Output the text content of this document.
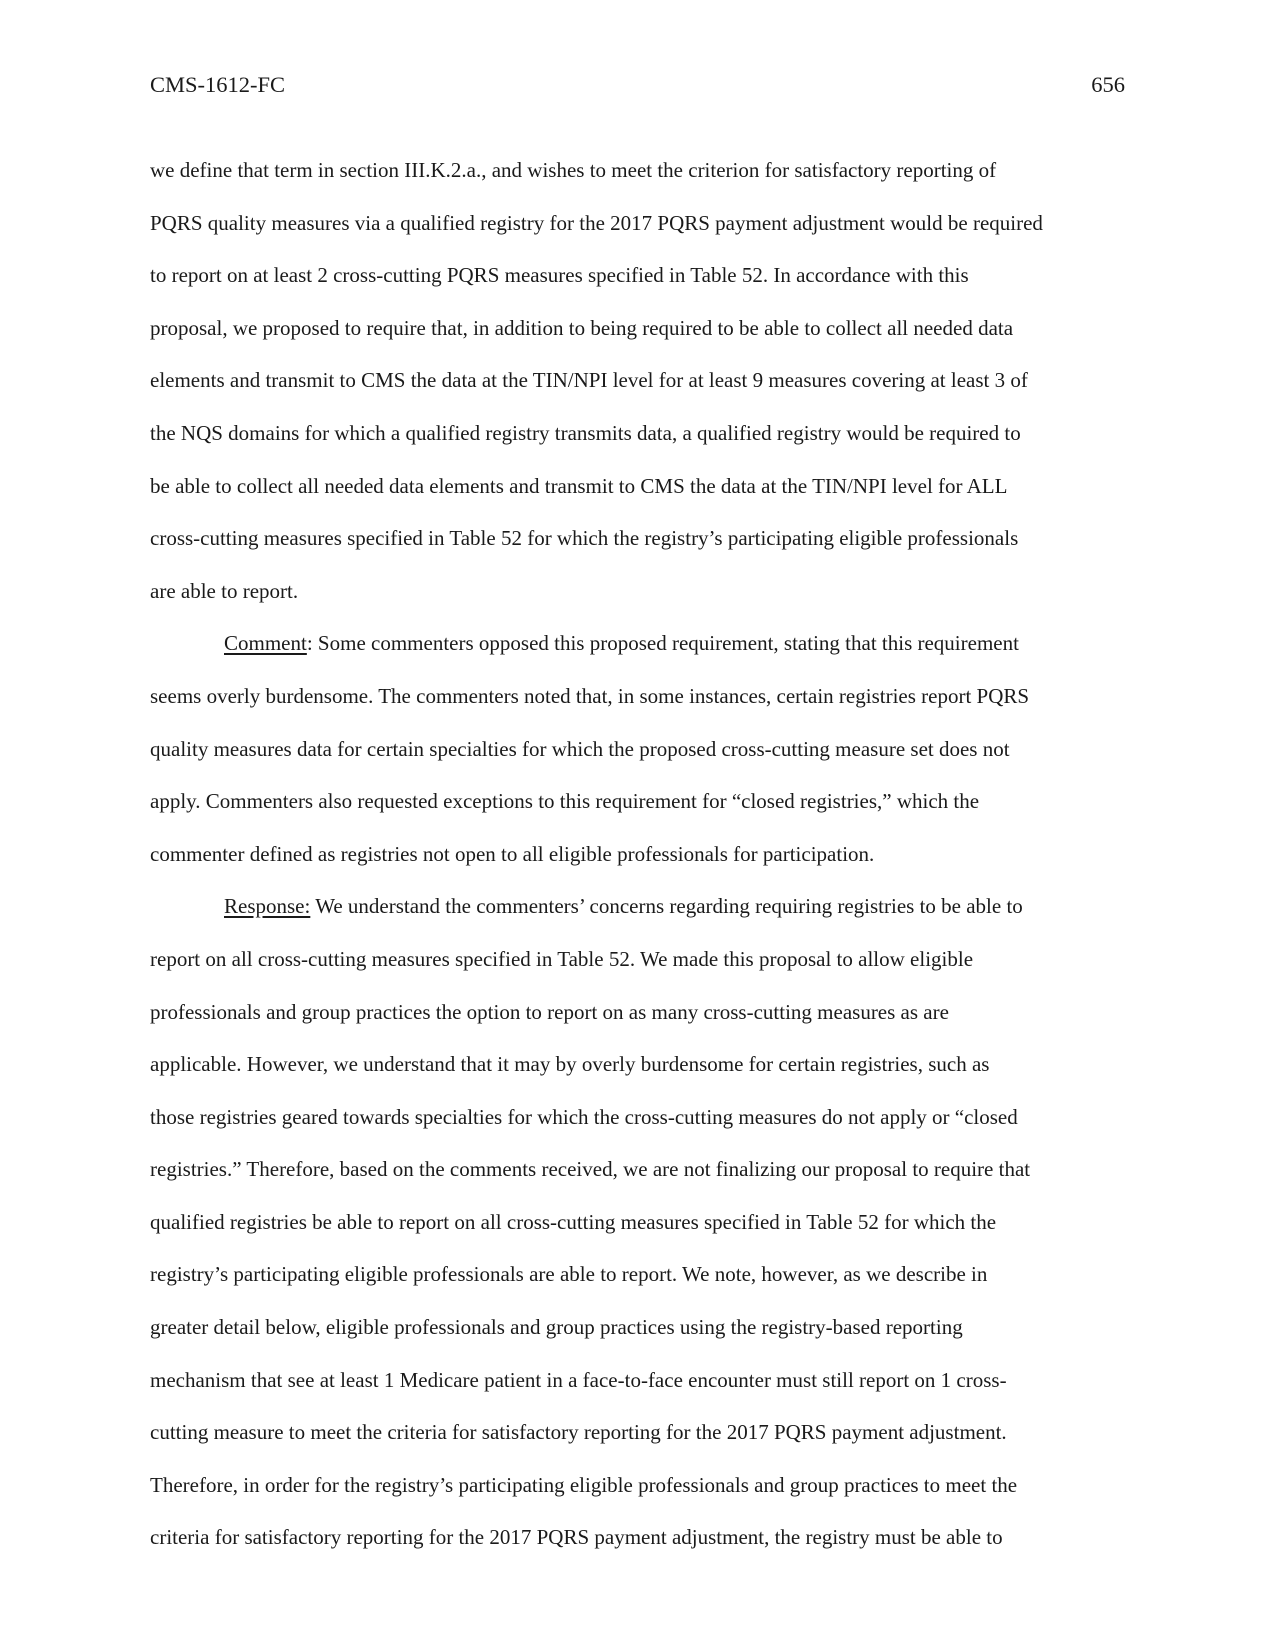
CMS-1612-FC	656
we define that term in section III.K.2.a., and wishes to meet the criterion for satisfactory reporting of
PQRS quality measures via a qualified registry for the 2017 PQRS payment adjustment would be required
to report on at least 2 cross-cutting PQRS measures specified in Table 52. In accordance with this
proposal, we proposed to require that, in addition to being required to be able to collect all needed data
elements and transmit to CMS the data at the TIN/NPI level for at least 9 measures covering at least 3 of
the NQS domains for which a qualified registry transmits data, a qualified registry would be required to
be able to collect all needed data elements and transmit to CMS the data at the TIN/NPI level for ALL
cross-cutting measures specified in Table 52 for which the registry’s participating eligible professionals
are able to report.
Comment: Some commenters opposed this proposed requirement, stating that this requirement
seems overly burdensome. The commenters noted that, in some instances, certain registries report PQRS
quality measures data for certain specialties for which the proposed cross-cutting measure set does not
apply. Commenters also requested exceptions to this requirement for “closed registries,” which the
commenter defined as registries not open to all eligible professionals for participation.
Response: We understand the commenters’ concerns regarding requiring registries to be able to
report on all cross-cutting measures specified in Table 52. We made this proposal to allow eligible
professionals and group practices the option to report on as many cross-cutting measures as are
applicable. However, we understand that it may by overly burdensome for certain registries, such as
those registries geared towards specialties for which the cross-cutting measures do not apply or “closed
registries.” Therefore, based on the comments received, we are not finalizing our proposal to require that
qualified registries be able to report on all cross-cutting measures specified in Table 52 for which the
registry’s participating eligible professionals are able to report. We note, however, as we describe in
greater detail below, eligible professionals and group practices using the registry-based reporting
mechanism that see at least 1 Medicare patient in a face-to-face encounter must still report on 1 cross-
cutting measure to meet the criteria for satisfactory reporting for the 2017 PQRS payment adjustment.
Therefore, in order for the registry’s participating eligible professionals and group practices to meet the
criteria for satisfactory reporting for the 2017 PQRS payment adjustment, the registry must be able to
